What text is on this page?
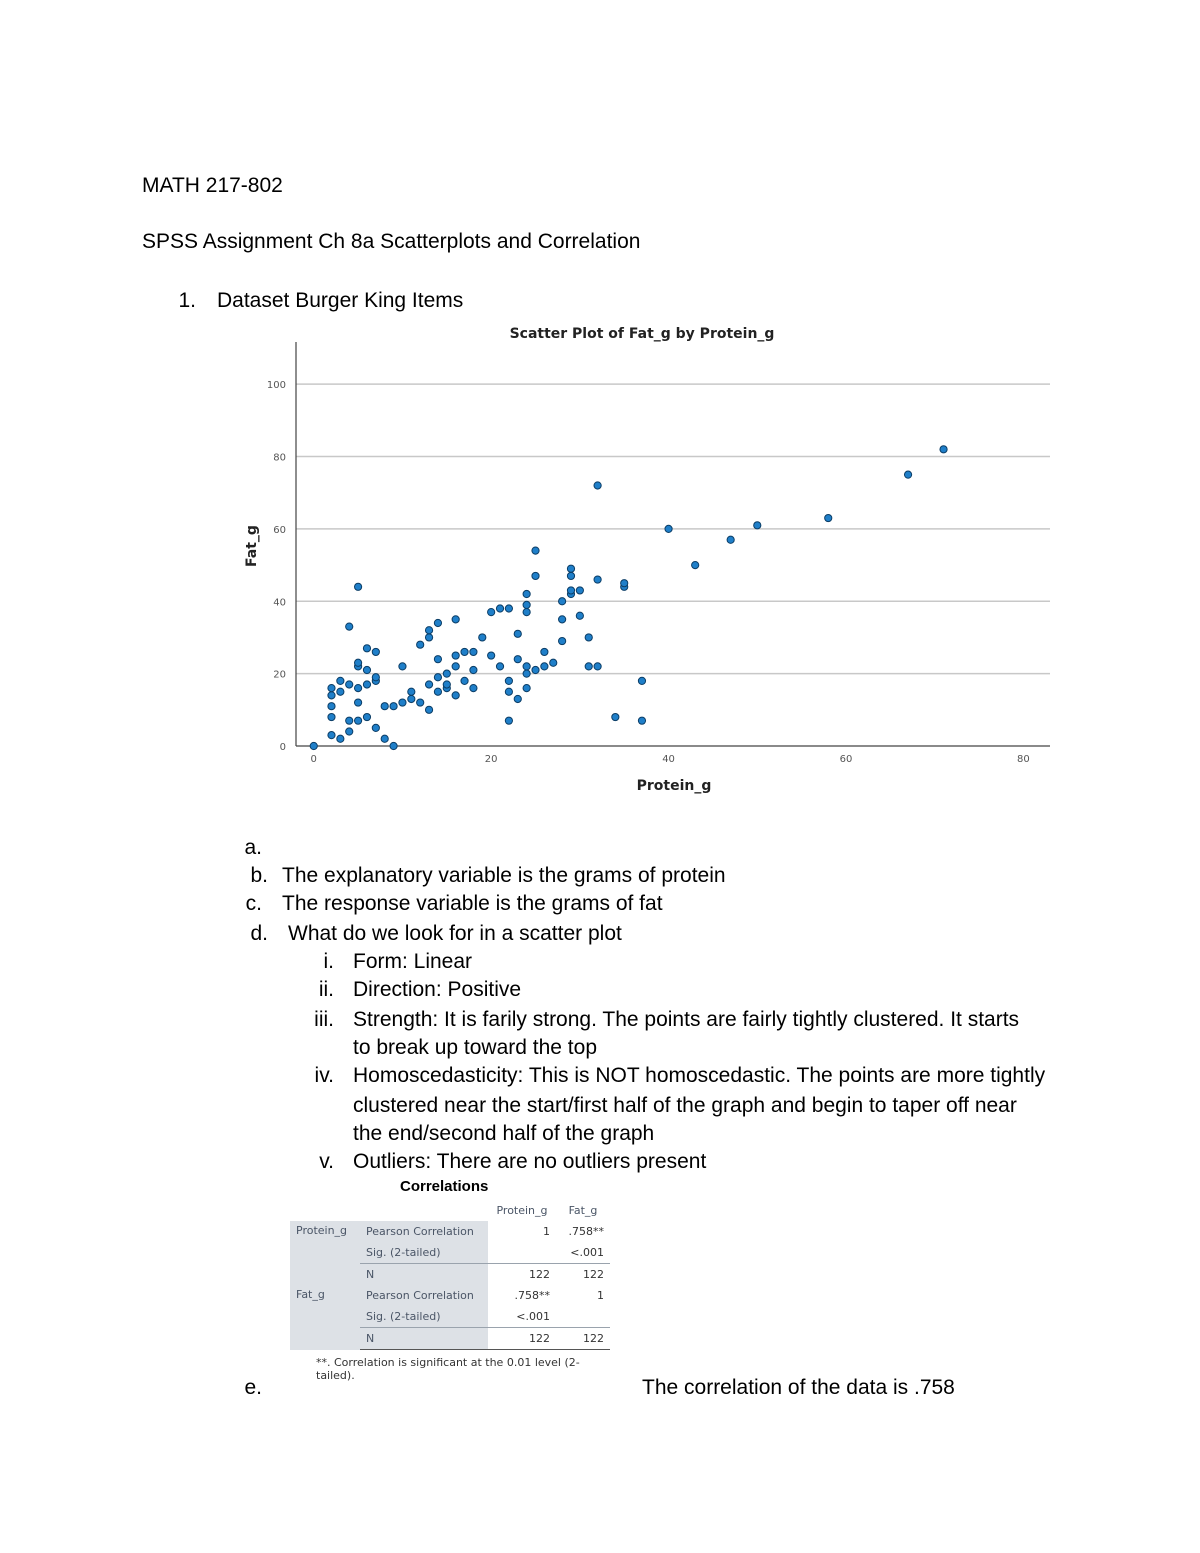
MATH 217-802
SPSS Assignment Ch 8a Scatterplots and Correlation
1. Dataset Burger King Items
0
20
40
60
80
100
0	20	40	60	80
Scatter Plot of Fat_g by Protein_g
Protein_g
Fat_g
a.
b. The explanatory variable is the grams of protein
c. The response variable is the grams of fat
d. What do we look for in a scatter plot
i. Form: Linear
ii. Direction: Positive
iii. Strength: It is farily strong. The points are fairly tightly clustered. It starts
to break up toward the top
iv. Homoscedasticity: This is NOT homoscedastic. The points are more tightly
clustered near the start/first half of the graph and begin to taper off near
the end/second half of the graph
v. Outliers: There are no outliers present
Correlations
		Protein_g	Fat_g
Protein_g	Pearson Correlation	1	.758**
	Sig. (2-tailed)		<.001
	N	122	122
Fat_g	Pearson Correlation	.758**	1
	Sig. (2-tailed)	<.001	
	N	122	122
**. Correlation is significant at the 0.01 level (2-tailed).
e.	The correlation of the data is .758
